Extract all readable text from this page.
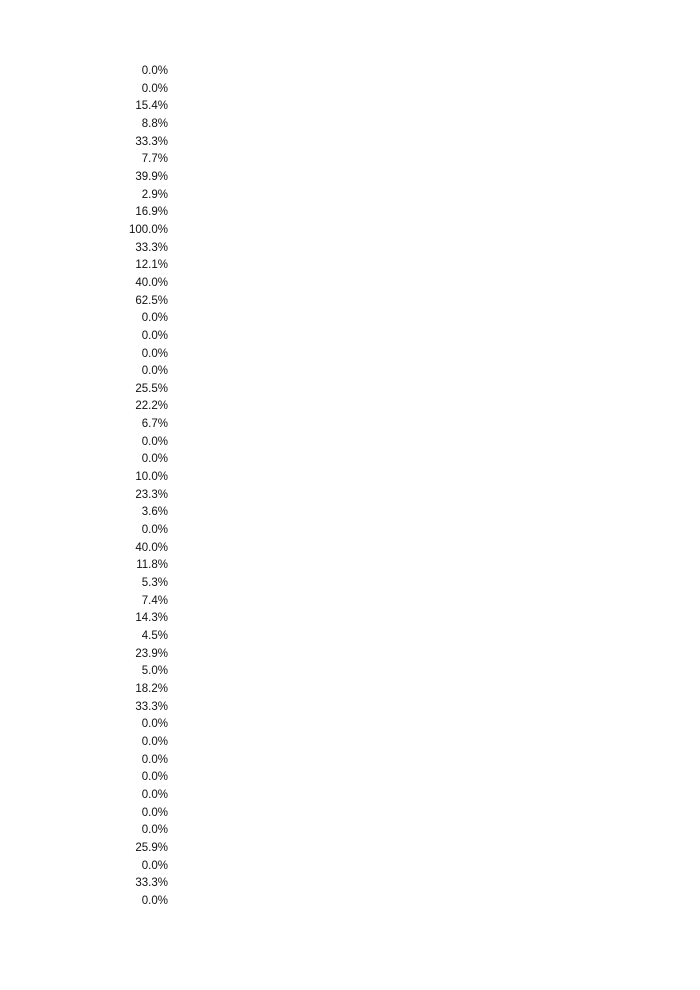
0.0%
0.0%
15.4%
8.8%
33.3%
7.7%
39.9%
2.9%
16.9%
100.0%
33.3%
12.1%
40.0%
62.5%
0.0%
0.0%
0.0%
0.0%
25.5%
22.2%
6.7%
0.0%
0.0%
10.0%
23.3%
3.6%
0.0%
40.0%
11.8%
5.3%
7.4%
14.3%
4.5%
23.9%
5.0%
18.2%
33.3%
0.0%
0.0%
0.0%
0.0%
0.0%
0.0%
0.0%
25.9%
0.0%
33.3%
0.0%
